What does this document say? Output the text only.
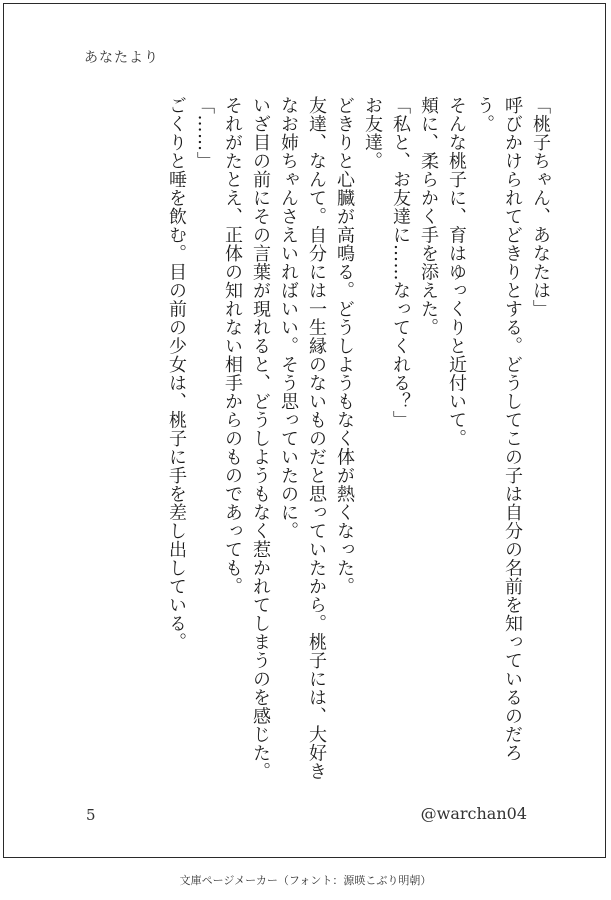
あなたより

「桃子ちゃん、あなたは」

呼びかけられてどきりとする。どうしてこの子は自分の名前を知っているのだろう。

そんな桃子に、育はゆっくりと近付いて。

頬に、柔らかく手を添えた。

「私と、お友達に……なってくれる？」

お友達。

どきりと心臓が高鳴る。どうしようもなく体が熱くなった。

友達、なんて。自分には一生縁のないものだと思っていたから。桃子には、大好きなお姉ちゃんさえいればいい。そう思っていたのに。

いざ目の前にその言葉が現れると、どうしようもなく惹かれてしまうのを感じた。

それがたとえ、正体の知れない相手からのものであっても。

「……」

ごくりと唾を飲む。目の前の少女は、桃子に手を差し出している。

5	@warchan04
文庫ページメーカー（フォント：源暎こぶり明朝）
